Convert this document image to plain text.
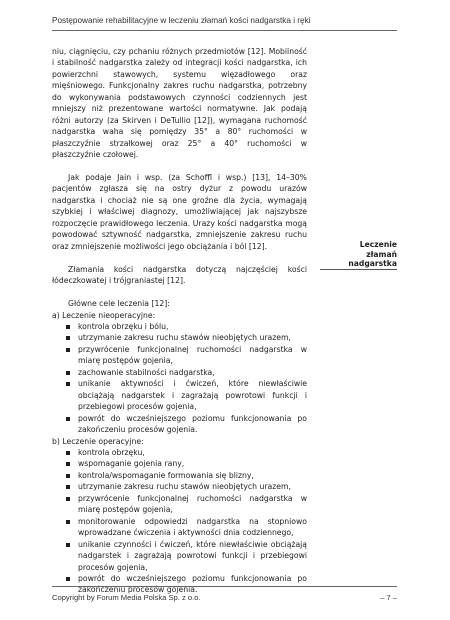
Postępowanie rehabilitacyjne w leczeniu złamań kości nadgarstka i ręki

niu, ciągnięciu, czy pchaniu różnych przedmiotów [12]. Mobilność i stabilność nadgarstka zależy od integracji kości nadgarstka, ich powierzchni stawowych, systemu więzadłowego oraz mięśniowego. Funkcjonalny zakres ruchu nadgarstka, potrzebny do wykonywania podstawowych czynności codziennych jest mniejszy niż prezentowane wartości normatywne. Jak podają różni autorzy (za Skirven i DeTullio [12]), wymagana ruchomość nadgarstka waha się pomiędzy 35° a 80° ruchomości w płaszczyźnie strzałkowej oraz 25° a 40° ruchomości w płaszczyźnie czołowej.

Jak podaje Jain i wsp. (za Schoffl i wsp.) [13], 14–30% pacjentów zgłasza się na ostry dyżur z powodu urazów nadgarstka i chociaż nie są one groźne dla życia, wymagają szybkiej i właściwej diagnozy, umożliwiającej jak najszybsze rozpoczęcie prawidłowego leczenia. Urazy kości nadgarstka mogą powodować sztywność nadgarstka, zmniejszenie zakresu ruchu oraz zmniejszenie możliwości jego obciążania i ból [12].

Złamania kości nadgarstka dotyczą najczęściej kości łódeczkowatej i trójgraniastej [12].

Główne cele leczenia [12]:

a) Leczenie nieoperacyjne:

kontrola obrzęku i bólu,
utrzymanie zakresu ruchu stawów nieobjętych urazem,
przywrócenie funkcjonalnej ruchomości nadgarstka w miarę postępów gojenia,
zachowanie stabilności nadgarstka,
unikanie aktywności i ćwiczeń, które niewłaściwie obciążają nadgarstek i zagrażają powrotowi funkcji i przebiegowi procesów gojenia,
powrót do wcześniejszego poziomu funkcjonowania po zakończeniu procesów gojenia.

b) Leczenie operacyjne:

kontrola obrzęku,
wspomaganie gojenia rany,
kontrola/wspomaganie formowania się blizny,
utrzymanie zakresu ruchu stawów nieobjętych urazem,
przywrócenie funkcjonalnej ruchomości nadgarstka w miarę postępów gojenia,
monitorowanie odpowiedzi nadgarstka na stopniowo wprowadzane ćwiczenia i aktywności dnia codziennego,
unikanie czynności i ćwiczeń, które niewłaściwie obciążają nadgarstek i zagrażają powrotowi funkcji i przebiegowi procesów gojenia,
powrót do wcześniejszego poziomu funkcjonowania po zakończeniu procesów gojenia.
Leczenie
złamań
nadgarstka
Copyright by Forum Media Polska Sp. z o.o.	– 7 –
